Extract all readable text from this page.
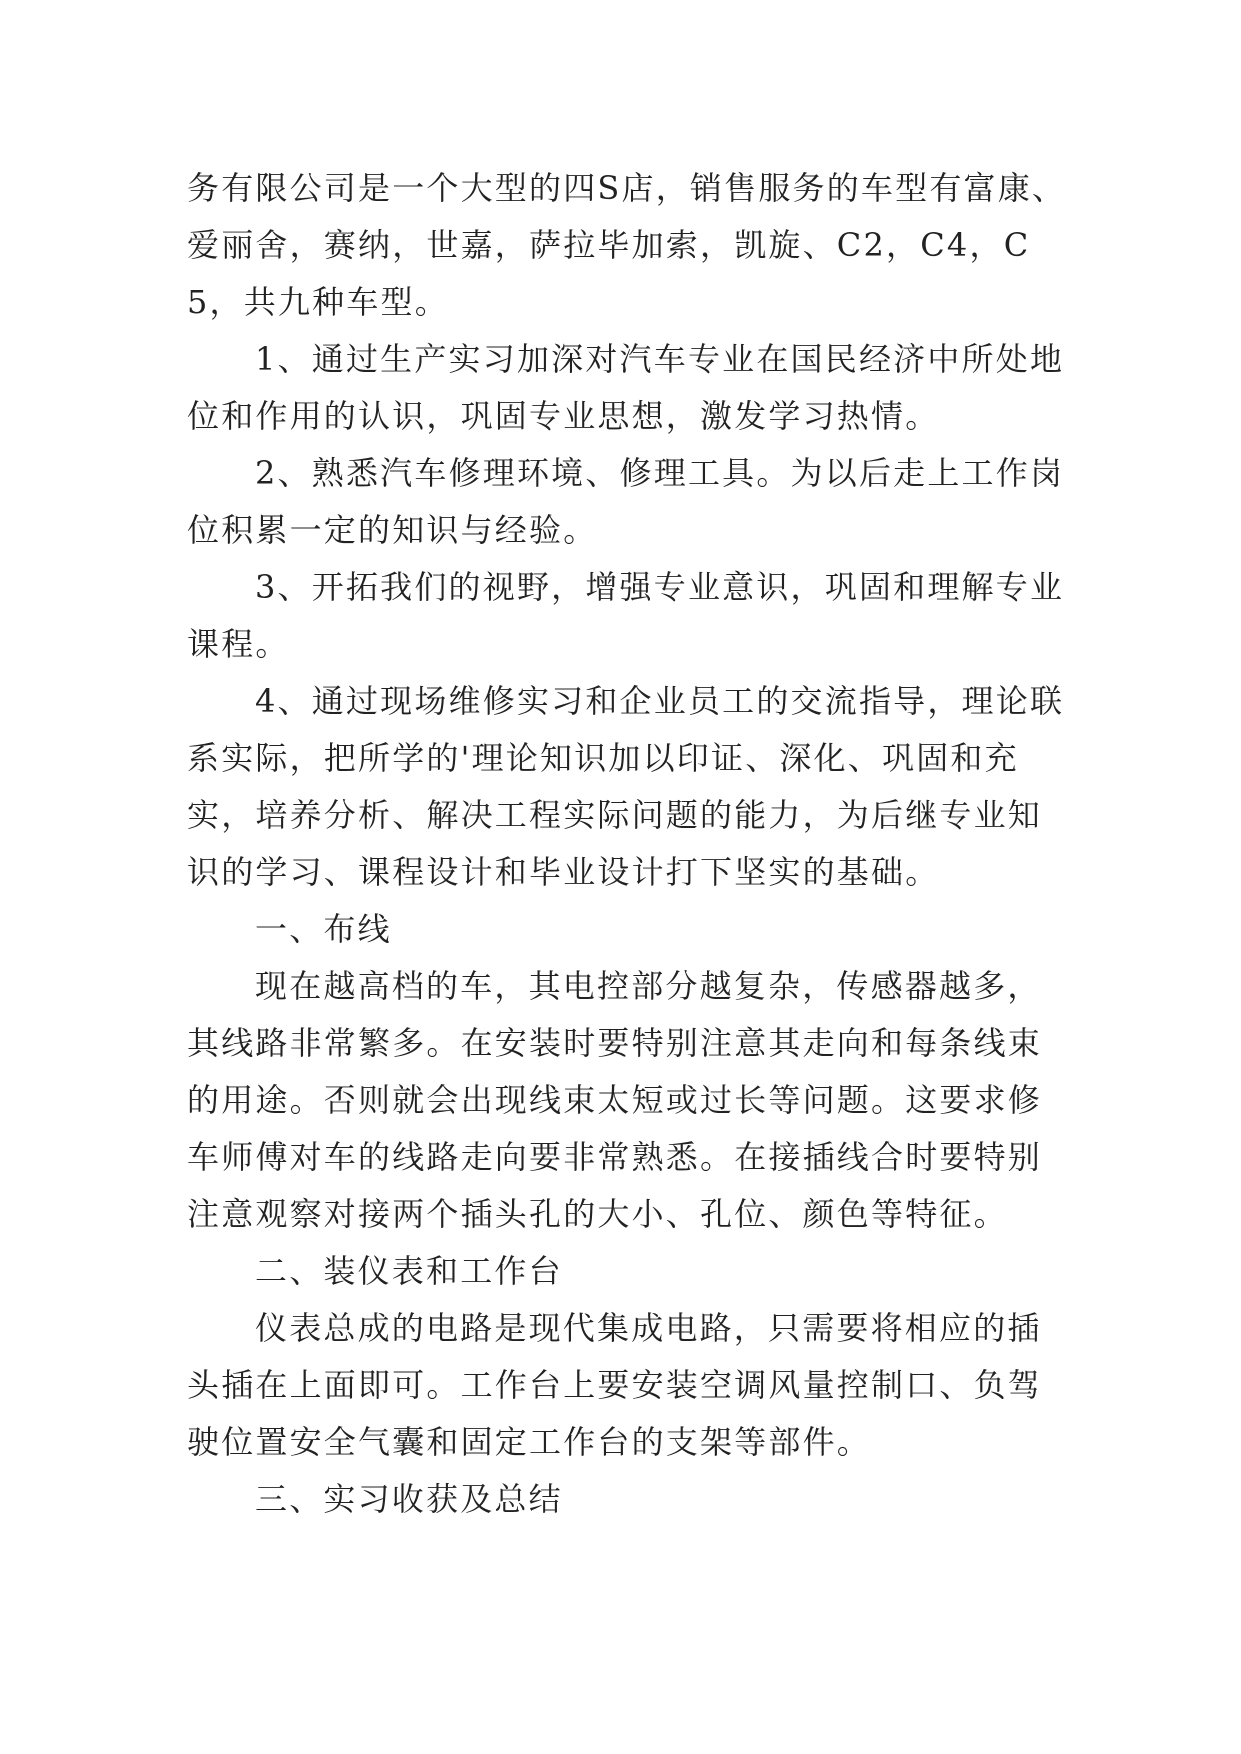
务有限公司是一个大型的四S店，销售服务的车型有富康、爱丽舍，赛纳，世嘉，萨拉毕加索，凯旋、C2，C4，C5，共九种车型。

1、通过生产实习加深对汽车专业在国民经济中所处地位和作用的认识，巩固专业思想，激发学习热情。

2、熟悉汽车修理环境、修理工具。为以后走上工作岗位积累一定的知识与经验。

3、开拓我们的视野，增强专业意识，巩固和理解专业课程。

4、通过现场维修实习和企业员工的交流指导，理论联系实际，把所学的'理论知识加以印证、深化、巩固和充实，培养分析、解决工程实际问题的能力，为后继专业知识的学习、课程设计和毕业设计打下坚实的基础。

一、布线

现在越高档的车，其电控部分越复杂，传感器越多，其线路非常繁多。在安装时要特别注意其走向和每条线束的用途。否则就会出现线束太短或过长等问题。这要求修车师傅对车的线路走向要非常熟悉。在接插线合时要特别注意观察对接两个插头孔的大小、孔位、颜色等特征。

二、装仪表和工作台

仪表总成的电路是现代集成电路，只需要将相应的插头插在上面即可。工作台上要安装空调风量控制口、负驾驶位置安全气囊和固定工作台的支架等部件。

三、实习收获及总结
